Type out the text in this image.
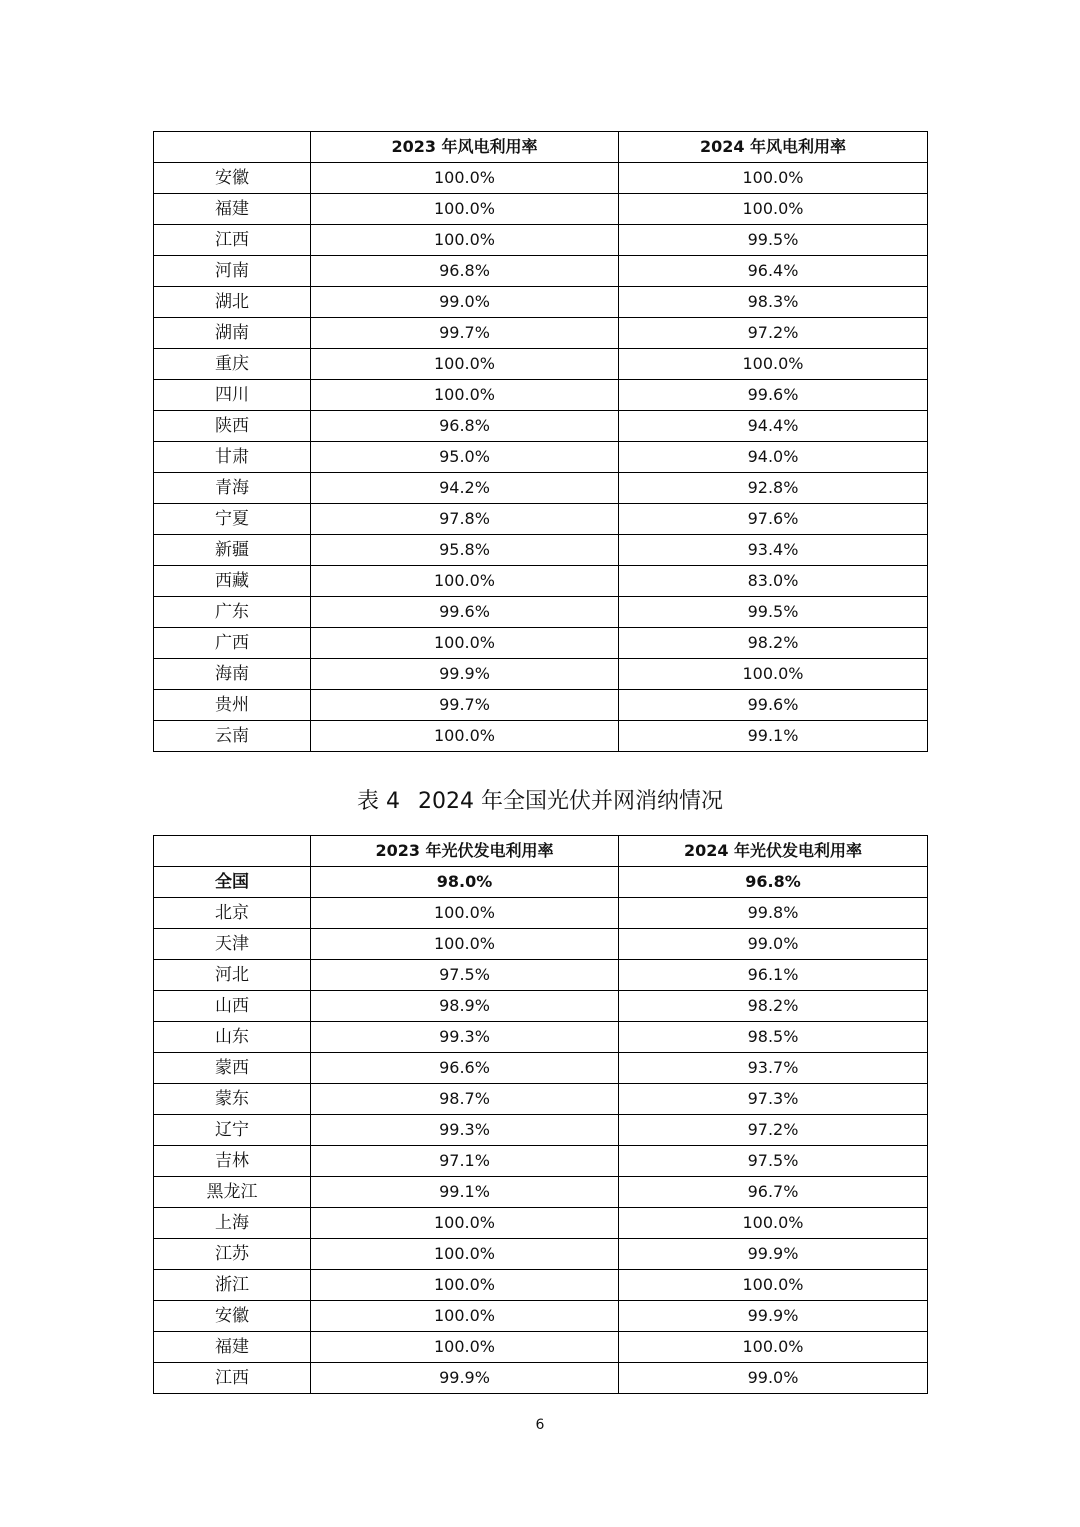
	2023 年风电利用率	2024 年风电利用率
安徽	100.0%	100.0%
福建	100.0%	100.0%
江西	100.0%	99.5%
河南	96.8%	96.4%
湖北	99.0%	98.3%
湖南	99.7%	97.2%
重庆	100.0%	100.0%
四川	100.0%	99.6%
陕西	96.8%	94.4%
甘肃	95.0%	94.0%
青海	94.2%	92.8%
宁夏	97.8%	97.6%
新疆	95.8%	93.4%
西藏	100.0%	83.0%
广东	99.6%	99.5%
广西	100.0%	98.2%
海南	99.9%	100.0%
贵州	99.7%	99.6%
云南	100.0%	99.1%
表 4 2024 年全国光伏并网消纳情况
	2023 年光伏发电利用率	2024 年光伏发电利用率
全国	98.0%	96.8%
北京	100.0%	99.8%
天津	100.0%	99.0%
河北	97.5%	96.1%
山西	98.9%	98.2%
山东	99.3%	98.5%
蒙西	96.6%	93.7%
蒙东	98.7%	97.3%
辽宁	99.3%	97.2%
吉林	97.1%	97.5%
黑龙江	99.1%	96.7%
上海	100.0%	100.0%
江苏	100.0%	99.9%
浙江	100.0%	100.0%
安徽	100.0%	99.9%
福建	100.0%	100.0%
江西	99.9%	99.0%
6
